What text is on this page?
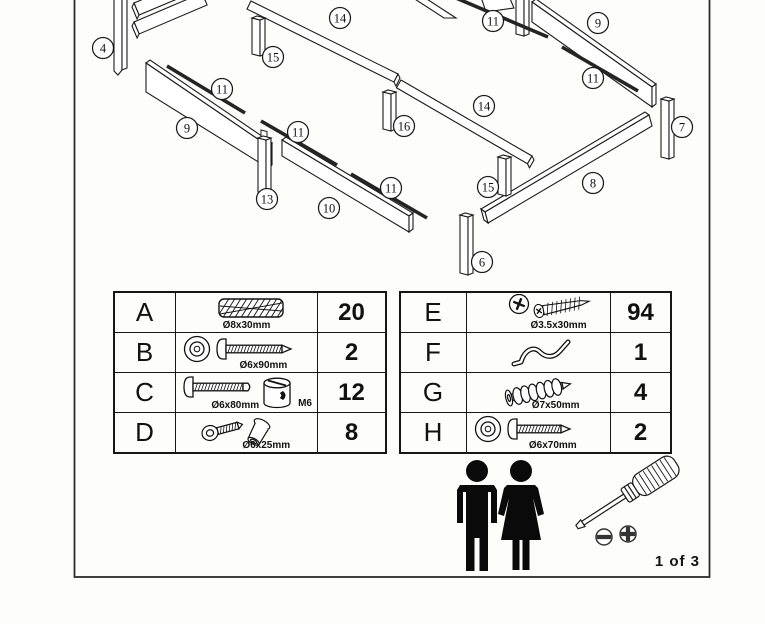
4
14
15
11
9	11
13
10
11
16
14
11	9
11
7
15	8
6
A	Ø8x30mm	20
B	Ø6x90mm	2
C	Ø6x80mm	M6	12
D	Ø6x25mm	8
E	Ø3.5x30mm	94
F	1
G	Ø7x50mm	4
H	Ø6x70mm	2
1 of 3
